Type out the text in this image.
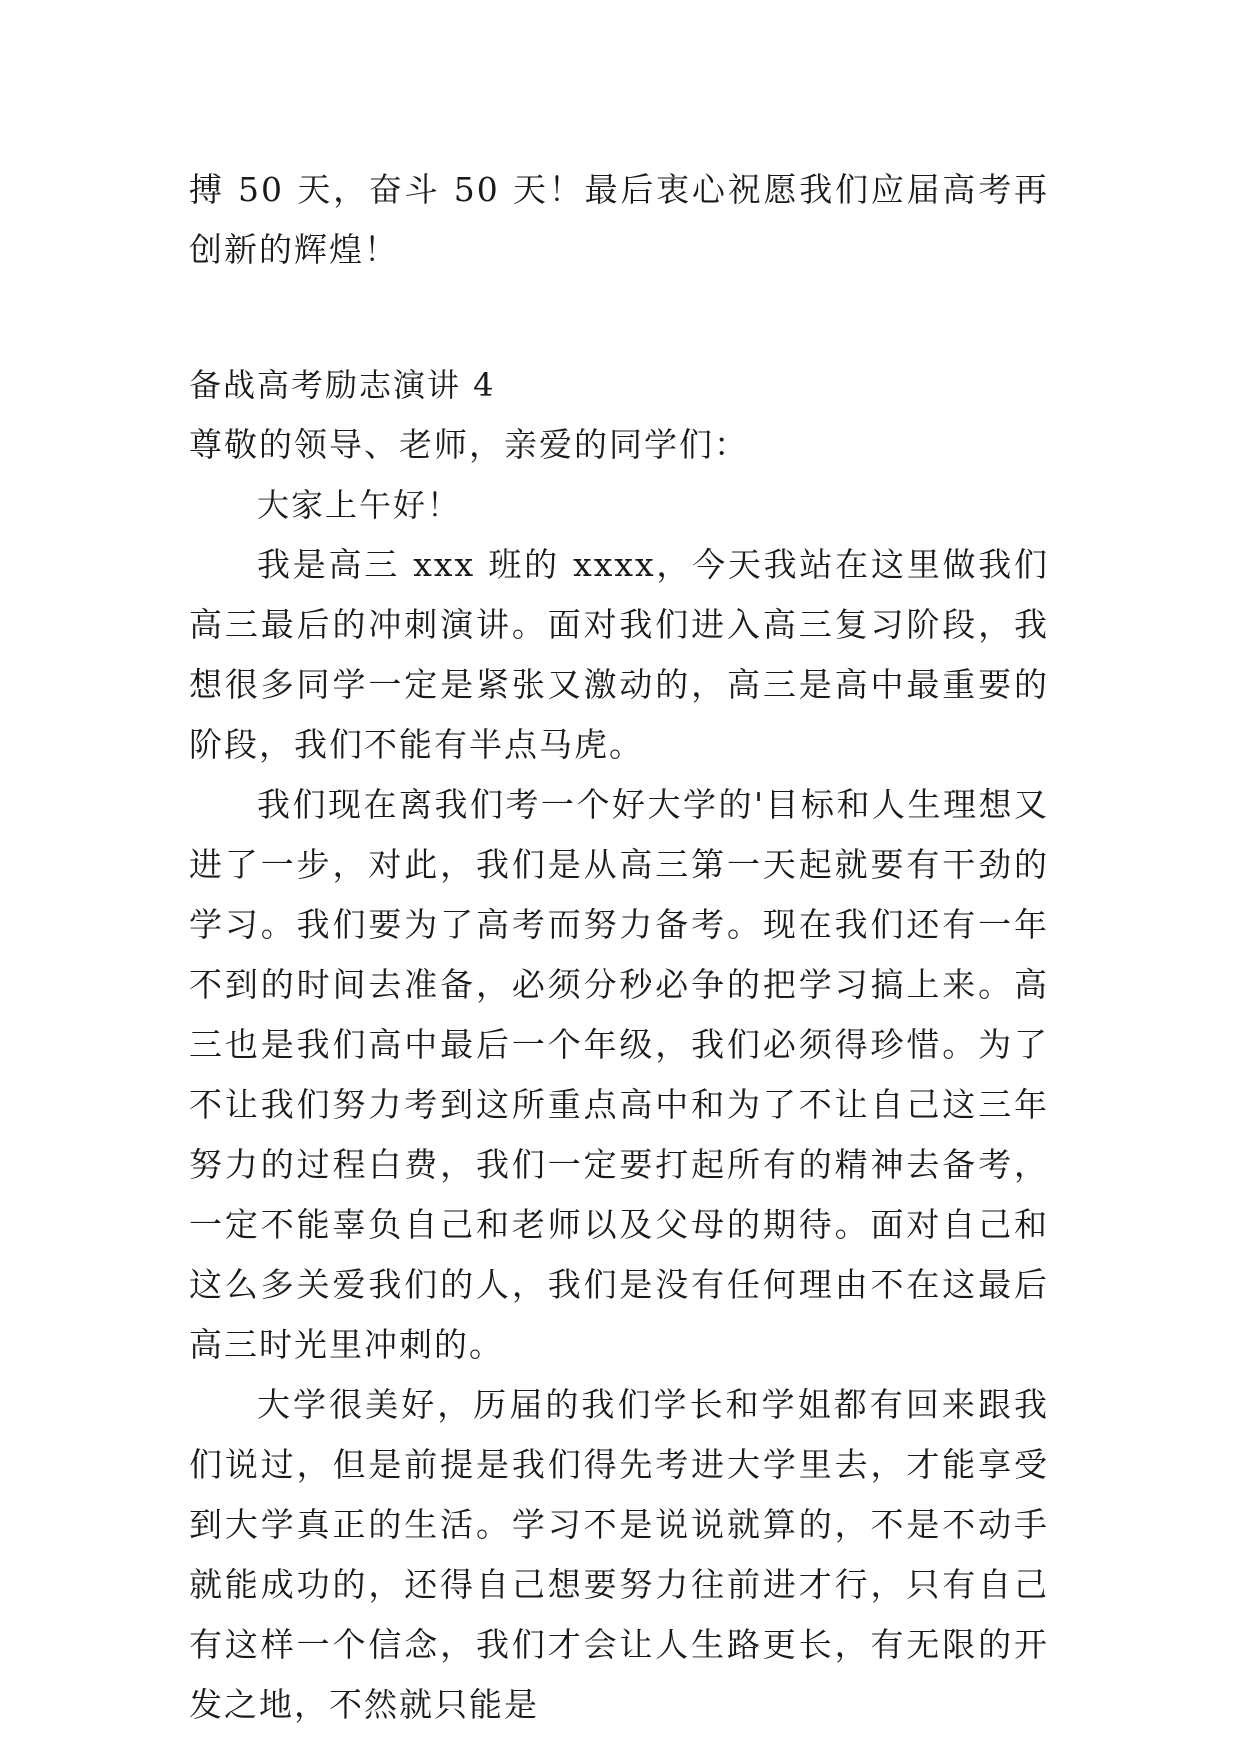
搏 50 天，奋斗 50 天！最后衷心祝愿我们应届高考再创新的辉煌！

备战高考励志演讲 4

尊敬的领导、老师，亲爱的同学们：

大家上午好！

我是高三 xxx 班的 xxxx，今天我站在这里做我们高三最后的冲刺演讲。面对我们进入高三复习阶段，我想很多同学一定是紧张又激动的，高三是高中最重要的阶段，我们不能有半点马虎。

我们现在离我们考一个好大学的'目标和人生理想又进了一步，对此，我们是从高三第一天起就要有干劲的学习。我们要为了高考而努力备考。现在我们还有一年不到的时间去准备，必须分秒必争的把学习搞上来。高三也是我们高中最后一个年级，我们必须得珍惜。为了不让我们努力考到这所重点高中和为了不让自己这三年努力的过程白费，我们一定要打起所有的精神去备考，一定不能辜负自己和老师以及父母的期待。面对自己和这么多关爱我们的人，我们是没有任何理由不在这最后高三时光里冲刺的。

大学很美好，历届的我们学长和学姐都有回来跟我们说过，但是前提是我们得先考进大学里去，才能享受到大学真正的生活。学习不是说说就算的，不是不动手就能成功的，还得自己想要努力往前进才行，只有自己有这样一个信念，我们才会让人生路更长，有无限的开发之地，不然就只能是
